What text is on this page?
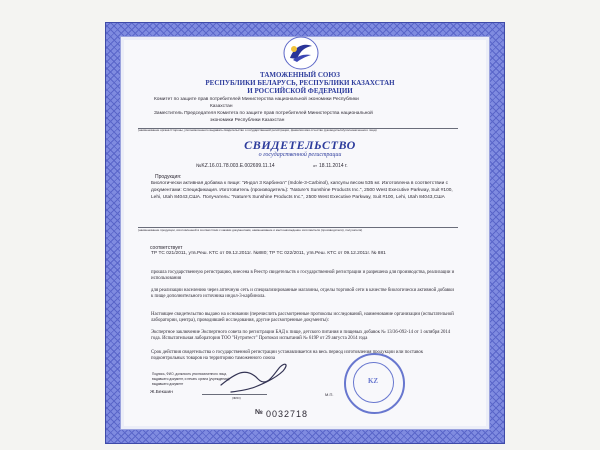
ТАМОЖЕННЫЙ СОЮЗ
РЕСПУБЛИКИ БЕЛАРУСЬ, РЕСПУБЛИКИ КАЗАХСТАН
И РОССИЙСКОЙ ФЕДЕРАЦИИ
Комитет по защите прав потребителей Министерства национальной экономики Республики
Казахстан
Заместитель Председателя Комитета по защите прав потребителей Министерства национальной
экономики Республики Казахстан
(наименование органа Стороны, уполномоченного выдавать свидетельство о государственной регистрации, фамилия имя отчество руководителя/уполномоченного лица)
СВИДЕТЕЛЬСТВО
о государственной регистрации
№KZ.16.01.78.003.E.002699.11.14	от 18.11.2014 г.
Продукция:
Биологически активная добавка к пище: "Индол 3 Карбинол" (Indole-3-Carbinol), капсулы весом 535 мг. Изготовлена в соответствии с документами: Спецификация. Изготовитель (производитель): "Nature's Sunshine Products Inc.", 2500 West Executive Parkway, Suit #100, Lehi, Utah 84043,США. Получатель: "Nature's Sunshine Products Inc.", 2500 West Executive Parkway, Suit #100, Lehi, Utah 84043,США
(наименование продукции, изготовленной в соответствии с какими документами, наименование и местонахождение изготовителя (производителя), получателя)
соответствует
ТР ТС 021/2011, утв.Реш. КТС от 09.12.2011г. №880; ТР ТС 022/2011, утв.Реш. КТС от 09.12.2011г. № 881
прошла государственную регистрацию, внесена в Реестр свидетельств о государственной регистрации и разрешена для производства, реализации и использования
для реализации населению через аптечную сеть и специализированные магазины, отделы торговой сети в качестве биологически активной добавки к пище дополнительного источника индол-3-карбинола.
Настоящее свидетельство выдано на основании (перечислить рассмотренные протоколы исследований, наименование организации (испытательной лаборатории, центра), проводившей исследования, другие рассмотренные документы):
Экспертное заключение Экспертного совета по регистрации БАД к пище, детского питания и пищевых добавок № 13/36-092-14 от 1 октября 2014 года. Испытательная лаборатория ТОО "Нутритест" Протокол испытаний № 619Р от 29 августа 2014 года
Срок действия свидетельства о государственной регистрации устанавливается на весь период изготовления продукции или поставок подконтрольных товаров на территорию таможенного союза
Подпись, ФИО, должность уполномоченного лица,
выдавшего документ, и печать органа (учреждения),
выдавшего документ
Ж.Бекшин
(ФИО)
М.П.
KZ
№ 0032718
